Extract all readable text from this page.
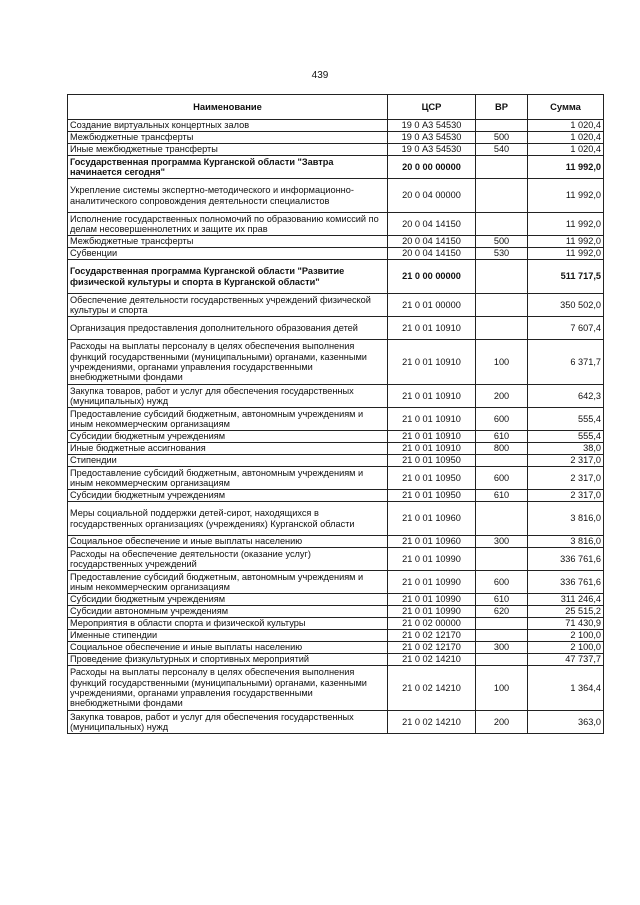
439
Наименование	ЦСР	ВР	Сумма
Создание виртуальных концертных залов	19 0 А3 54530		1 020,4
Межбюджетные трансферты	19 0 А3 54530	500	1 020,4
Иные межбюджетные трансферты	19 0 А3 54530	540	1 020,4
Государственная программа Курганской области "Завтра начинается сегодня"	20 0 00 00000		11 992,0
Укрепление системы экспертно-методического и информационно-аналитического сопровождения деятельности специалистов	20 0 04 00000		11 992,0
Исполнение государственных полномочий по образованию комиссий по делам несовершеннолетних и защите их прав	20 0 04 14150		11 992,0
Межбюджетные трансферты	20 0 04 14150	500	11 992,0
Субвенции	20 0 04 14150	530	11 992,0
Государственная программа Курганской области "Развитие физической культуры и спорта в Курганской области"	21 0 00 00000		511 717,5
Обеспечение деятельности государственных учреждений физической культуры и спорта	21 0 01 00000		350 502,0
Организация предоставления дополнительного образования детей	21 0 01 10910		7 607,4
Расходы на выплаты персоналу в целях обеспечения выполнения функций государственными (муниципальными) органами, казенными учреждениями, органами управления государственными внебюджетными фондами	21 0 01 10910	100	6 371,7
Закупка товаров, работ и услуг для обеспечения государственных (муниципальных) нужд	21 0 01 10910	200	642,3
Предоставление субсидий бюджетным, автономным учреждениям и иным некоммерческим организациям	21 0 01 10910	600	555,4
Субсидии бюджетным учреждениям	21 0 01 10910	610	555,4
Иные бюджетные ассигнования	21 0 01 10910	800	38,0
Стипендии	21 0 01 10950		2 317,0
Предоставление субсидий бюджетным, автономным учреждениям и иным некоммерческим организациям	21 0 01 10950	600	2 317,0
Субсидии бюджетным учреждениям	21 0 01 10950	610	2 317,0
Меры социальной поддержки детей-сирот, находящихся в государственных организациях (учреждениях) Курганской области	21 0 01 10960		3 816,0
Социальное обеспечение и иные выплаты населению	21 0 01 10960	300	3 816,0
Расходы на обеспечение деятельности (оказание услуг) государственных учреждений	21 0 01 10990		336 761,6
Предоставление субсидий бюджетным, автономным учреждениям и иным некоммерческим организациям	21 0 01 10990	600	336 761,6
Субсидии бюджетным учреждениям	21 0 01 10990	610	311 246,4
Субсидии автономным учреждениям	21 0 01 10990	620	25 515,2
Мероприятия в области спорта и физической культуры	21 0 02 00000		71 430,9
Именные стипендии	21 0 02 12170		2 100,0
Социальное обеспечение и иные выплаты населению	21 0 02 12170	300	2 100,0
Проведение физкультурных и спортивных мероприятий	21 0 02 14210		47 737,7
Расходы на выплаты персоналу в целях обеспечения выполнения функций государственными (муниципальными) органами, казенными учреждениями, органами управления государственными внебюджетными фондами	21 0 02 14210	100	1 364,4
Закупка товаров, работ и услуг для обеспечения государственных (муниципальных) нужд	21 0 02 14210	200	363,0
